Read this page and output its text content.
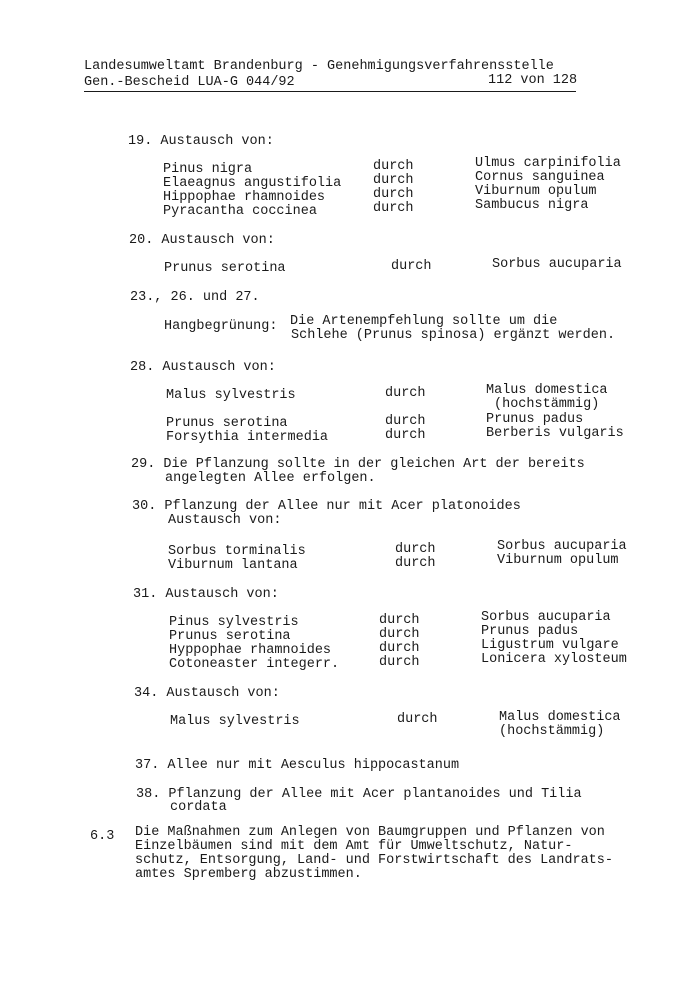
Landesumweltamt Brandenburg - Genehmigungsverfahrensstelle
Gen.-Bescheid LUA-G 044/92	112 von 128
19. Austausch von:
Pinus nigra	durch	Ulmus carpinifolia
Elaeagnus angustifolia durch	Cornus sanguinea
Hippophae rhamnoides	durch	Viburnum opulum
Pyracantha coccinea	durch	Sambucus nigra
20. Austausch von:
Prunus serotina	durch	Sorbus aucuparia
23., 26. und 27.
Hangbegrünung: Die Artenempfehlung sollte um die
Schlehe (Prunus spinosa) ergänzt werden.
28. Austausch von:
Malus sylvestris	durch	Malus domestica
(hochstämmig)
Prunus serotina	durch	Prunus padus
Forsythia intermedia	durch	Berberis vulgaris
29. Die Pflanzung sollte in der gleichen Art der bereits
angelegten Allee erfolgen.
30. Pflanzung der Allee nur mit Acer platonoides
Austausch von:
Sorbus torminalis	durch	Sorbus aucuparia
Viburnum lantana	durch	Viburnum opulum
31. Austausch von:
Pinus sylvestris	durch	Sorbus aucuparia
Prunus serotina	durch	Prunus padus
Hyppophae rhamnoides	durch	Ligustrum vulgare
Cotoneaster integerr.	durch	Lonicera xylosteum
34. Austausch von:
Malus sylvestris	durch	Malus domestica
(hochstämmig)
37. Allee nur mit Aesculus hippocastanum
38. Pflanzung der Allee mit Acer plantanoides und Tilia
cordata
6.3 Die Maßnahmen zum Anlegen von Baumgruppen und Pflanzen von
Einzelbäumen sind mit dem Amt für Umweltschutz, Natur-
schutz, Entsorgung, Land- und Forstwirtschaft des Landrats-
amtes Spremberg abzustimmen.
